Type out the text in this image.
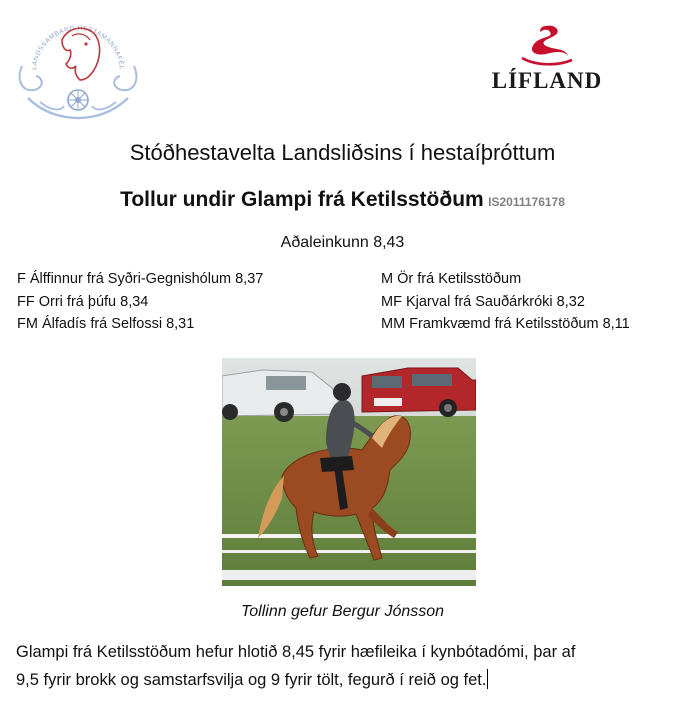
LANDSSAMBAND HESTAMANNAFÉL
LÍFLAND
Stóðhestavelta Landsliðsins í hestaíþróttum
Tollur undir Glampi frá Ketilsstöðum IS2011176178
Aðaleinkunn 8,43
F Álffinnur frá Syðri-Gegnishólum 8,37
FF Orri frá þúfu 8,34
FM Álfadís frá Selfossi 8,31
M Ör frá Ketilsstöðum
MF Kjarval frá Sauðárkróki 8,32
MM Framkvæmd frá Ketilsstöðum 8,11
Tollinn gefur Bergur Jónsson
Glampi frá Ketilsstöðum hefur hlotið 8,45 fyrir hæfileika í kynbótadómi, þar af
9,5 fyrir brokk og samstarfsvilja og 9 fyrir tölt, fegurð í reið og fet.
